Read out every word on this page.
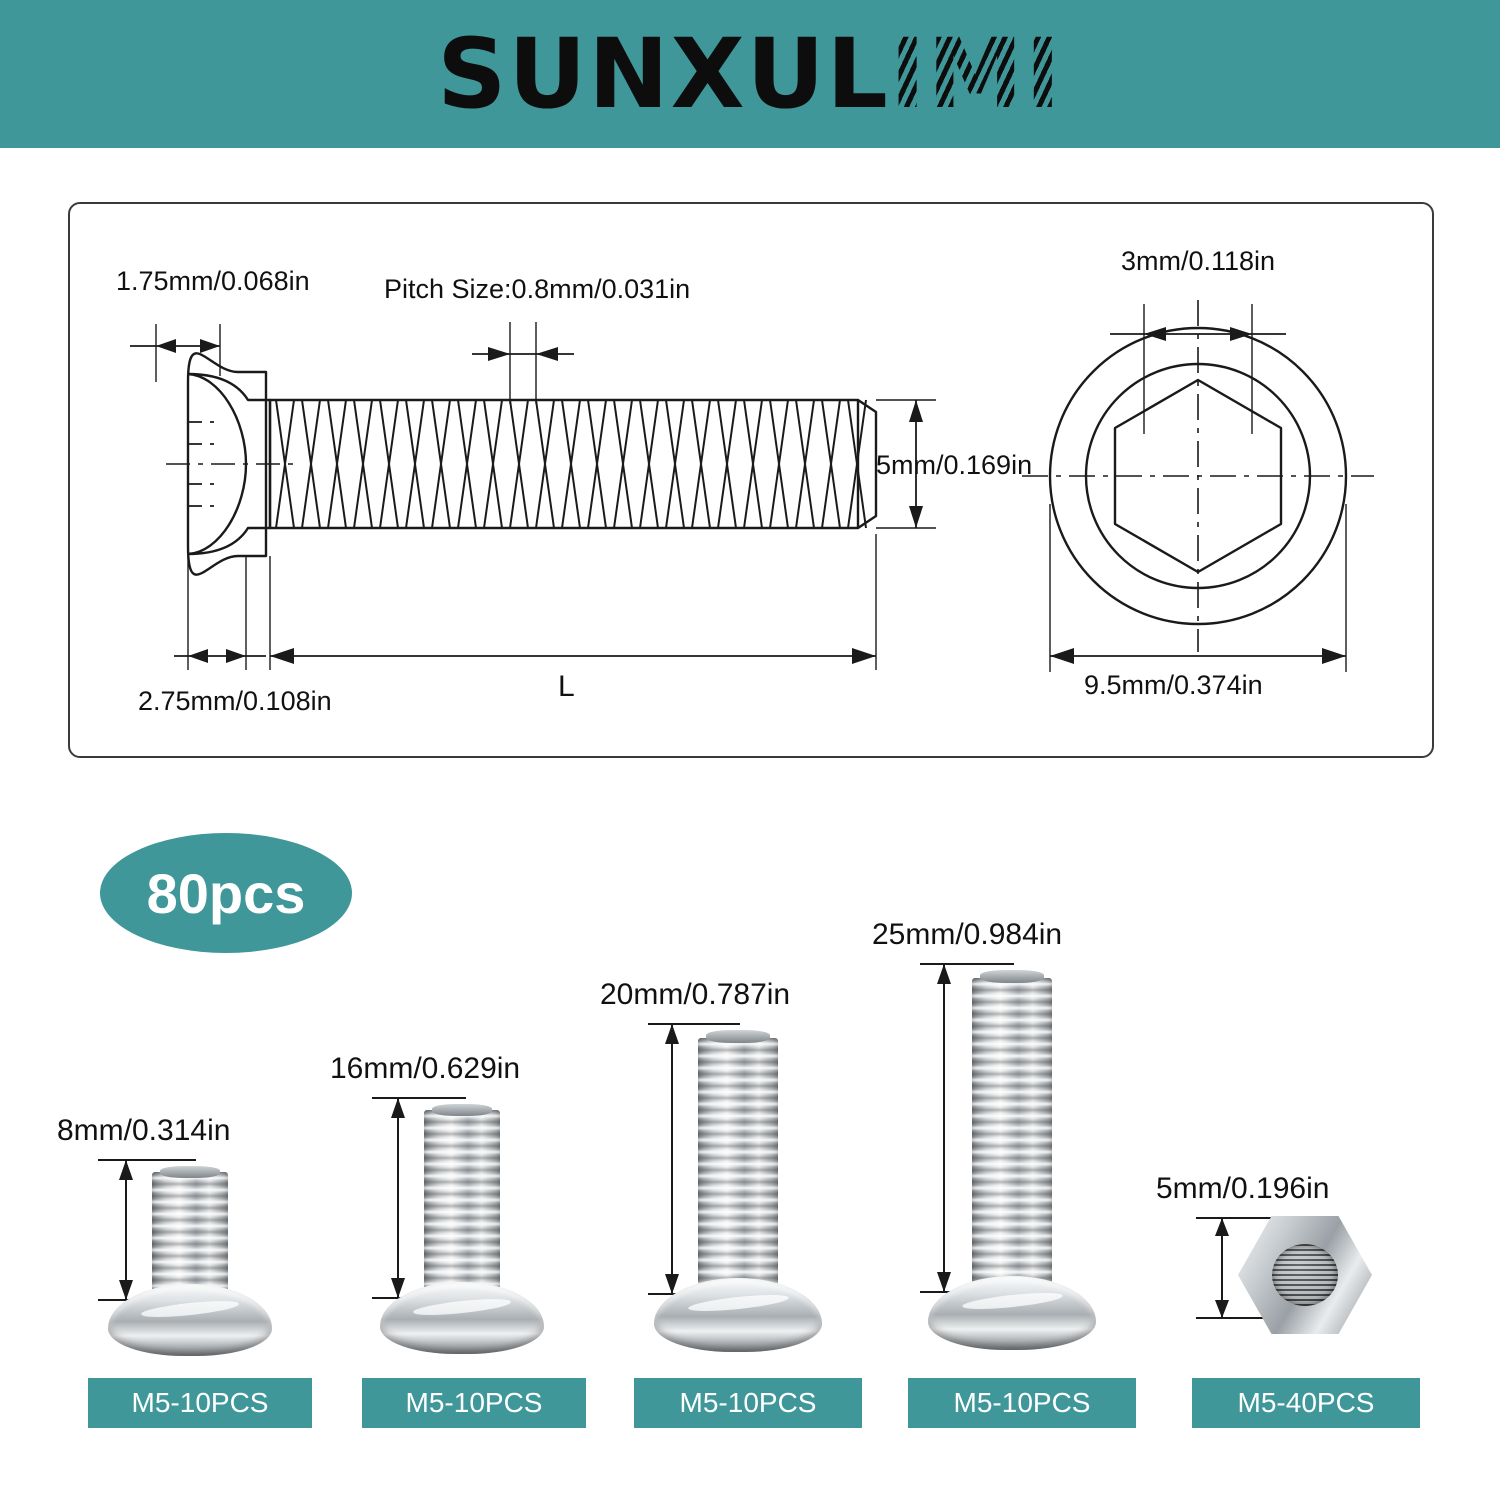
SUNXULIMI
1.75mm/0.068in	Pitch Size:0.8mm/0.031in
5mm/0.169in
2.75mm/0.108in	L
3mm/0.118in
9.5mm/0.374in
80pcs
8mm/0.314in
M5-10PCS
16mm/0.629in
M5-10PCS
20mm/0.787in
M5-10PCS
25mm/0.984in
M5-10PCS
5mm/0.196in
M5-40PCS
